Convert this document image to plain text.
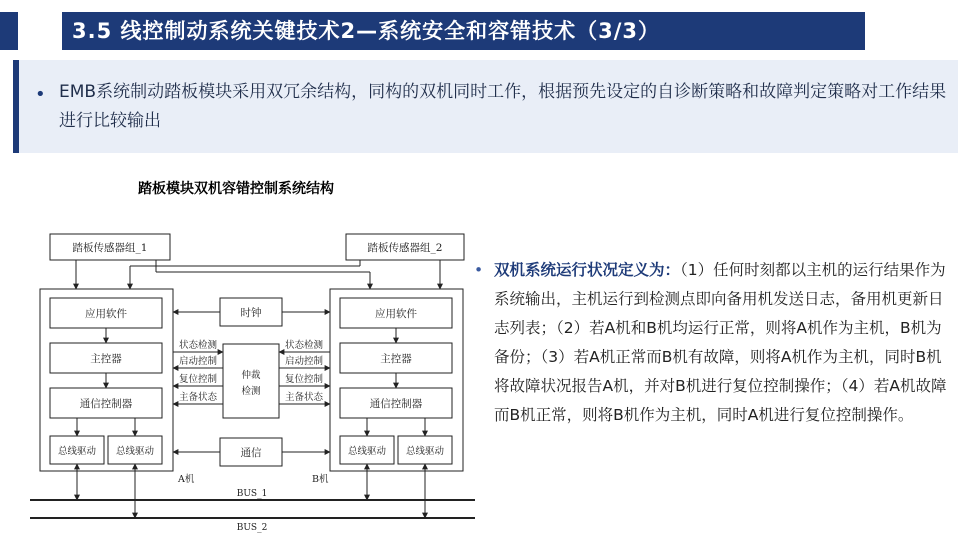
3.5 线控制动系统关键技术2—系统安全和容错技术（3/3）
• EMB系统制动踏板模块采用双冗余结构，同构的双机同时工作，根据预先设定的自诊断策略和故障判定策略对工作结果进行比较输出
踏板模块双机容错控制系统结构
踏板传感器组_1	踏板传感器组_2
应用软件	应用软件
时钟
主控器	主控器
通信控制器	通信控制器
仲裁检测
状态检测
启动控制
复位控制
主备状态
状态检测
启动控制
复位控制
主备状态
总线驱动 总线驱动	总线驱动 总线驱动
通信
A机	B机
BUS_1
BUS_2
• 双机系统运行状况定义为：（1）任何时刻都以主机的运行结果作为系统输出，主机运行到检测点即向备用机发送日志，备用机更新日志列表；（2）若A机和B机均运行正常，则将A机作为主机，B机为备份；（3）若A机正常而B机有故障，则将A机作为主机，同时B机将故障状况报告A机，并对B机进行复位控制操作；（4）若A机故障而B机正常，则将B机作为主机，同时A机进行复位控制操作。
